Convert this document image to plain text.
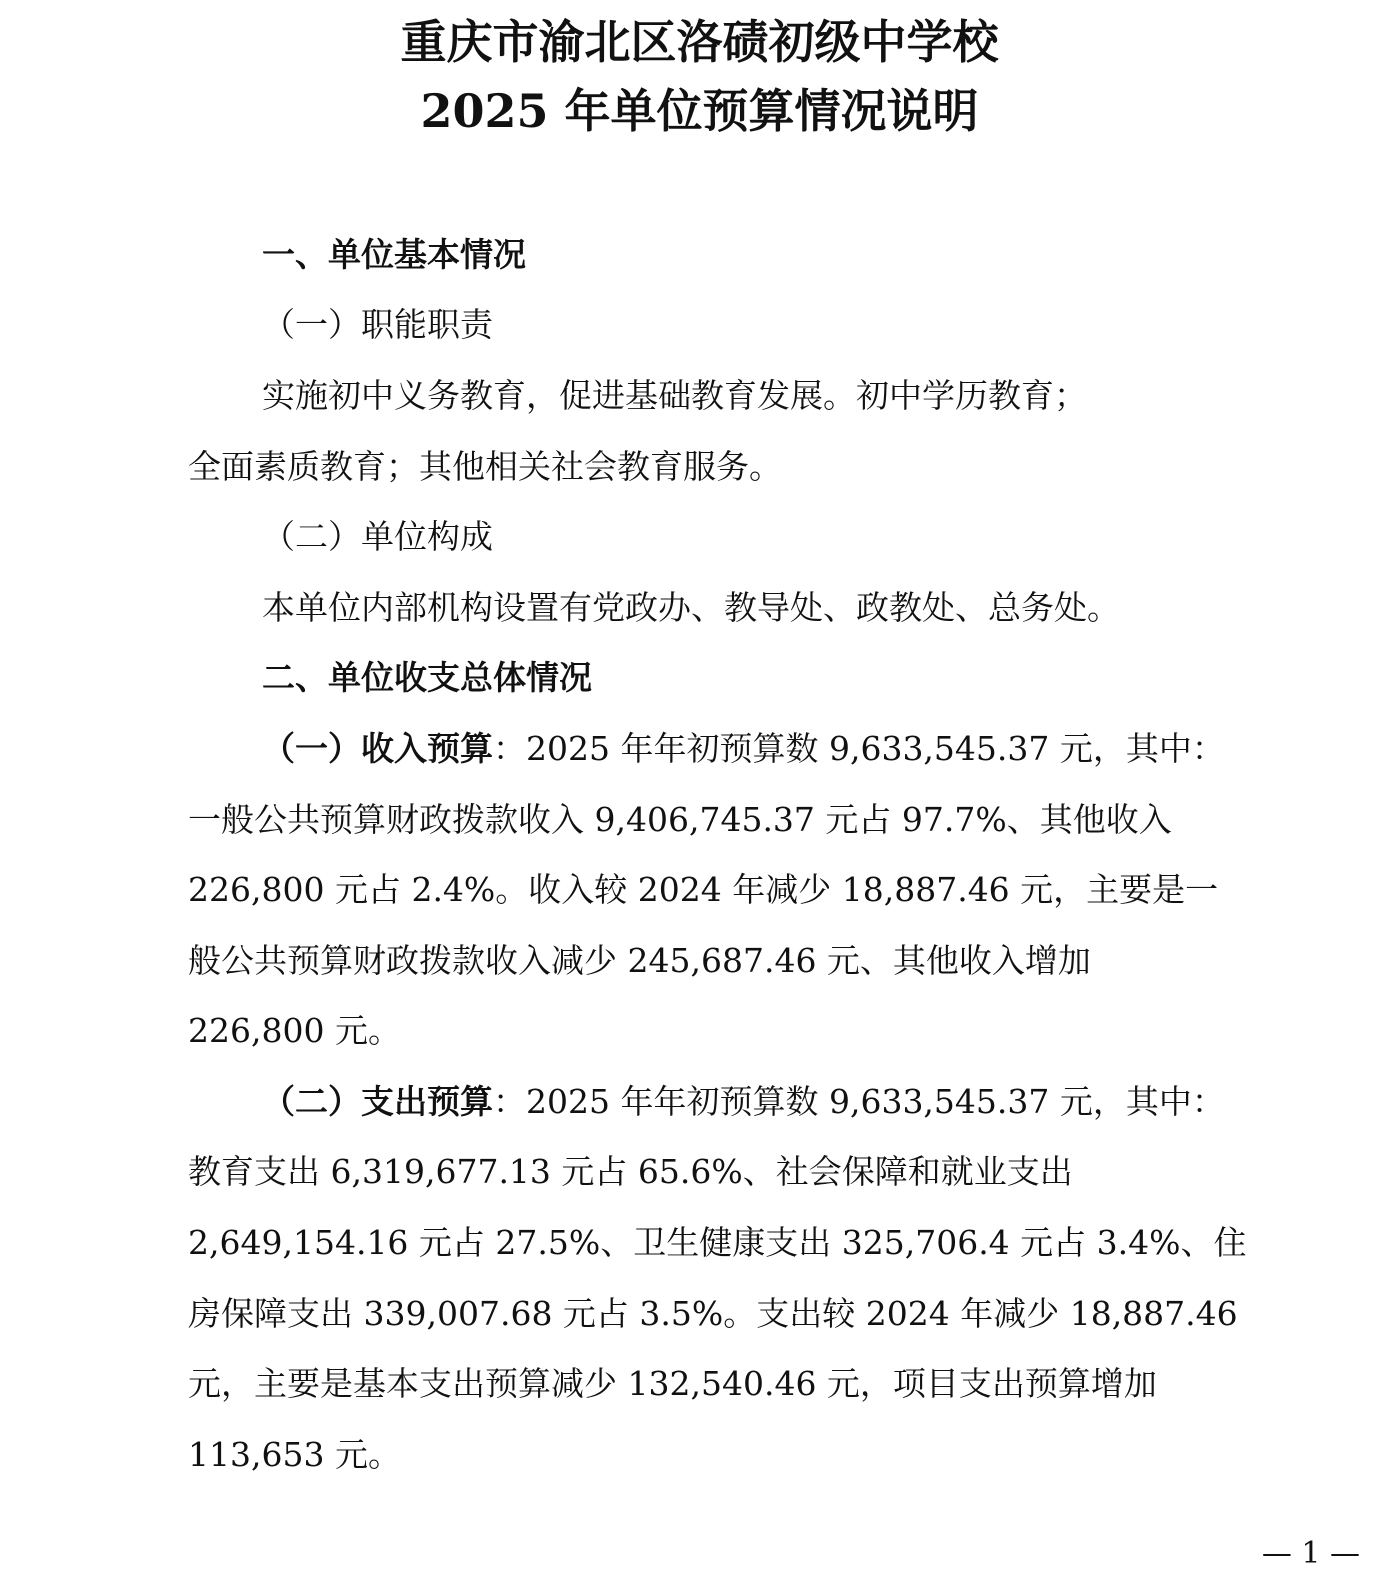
重庆市渝北区洛碛初级中学校
2025 年单位预算情况说明
一、单位基本情况
（一）职能职责
实施初中义务教育，促进基础教育发展。初中学历教育；
全面素质教育；其他相关社会教育服务。
（二）单位构成
本单位内部机构设置有党政办、教导处、政教处、总务处。
二、单位收支总体情况
（一）收入预算：2025 年年初预算数 9,633,545.37 元，其中：
一般公共预算财政拨款收入 9,406,745.37 元占 97.7%、其他收入
226,800 元占 2.4%。收入较 2024 年减少 18,887.46 元，主要是一
般公共预算财政拨款收入减少 245,687.46 元、其他收入增加
226,800 元。
（二）支出预算：2025 年年初预算数 9,633,545.37 元，其中：
教育支出 6,319,677.13 元占 65.6%、社会保障和就业支出
2,649,154.16 元占 27.5%、卫生健康支出 325,706.4 元占 3.4%、住
房保障支出 339,007.68 元占 3.5%。支出较 2024 年减少 18,887.46
元，主要是基本支出预算减少 132,540.46 元，项目支出预算增加
113,653 元。
— 1 —
